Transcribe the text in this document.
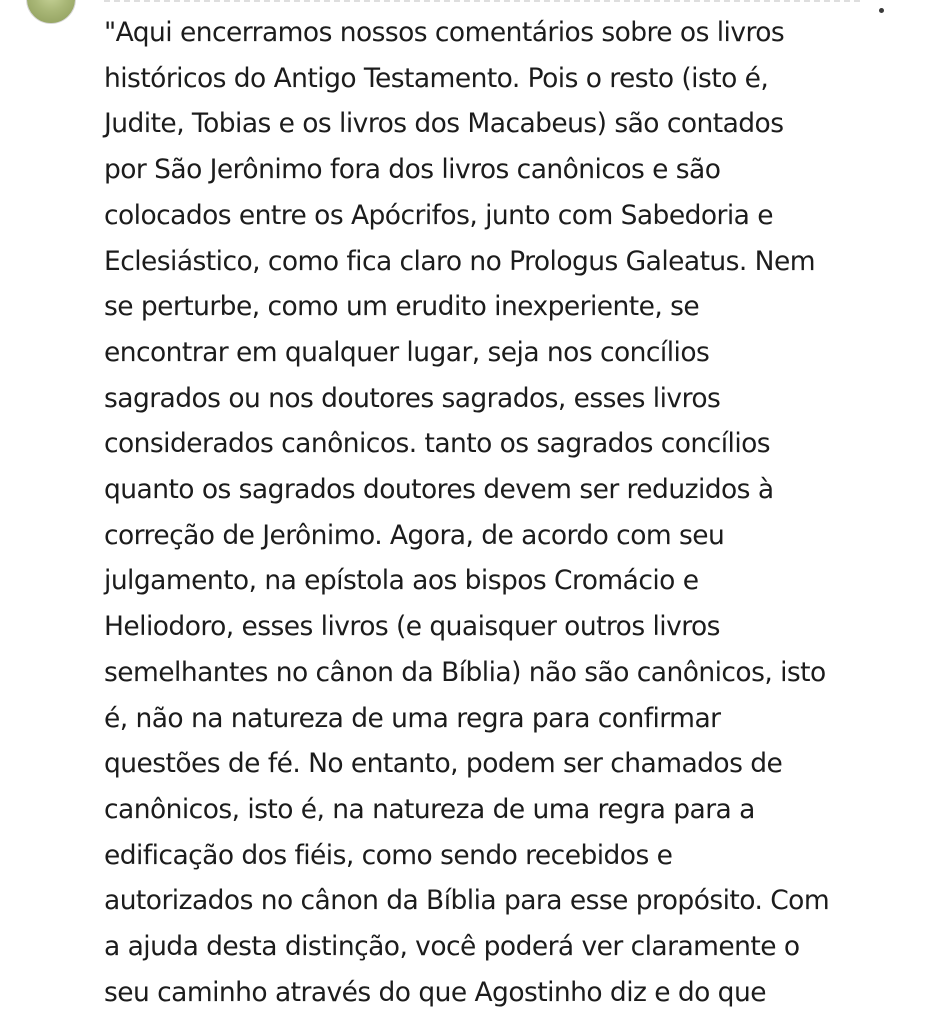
"Aqui encerramos nossos comentários sobre os livros
históricos do Antigo Testamento. Pois o resto (isto é,
Judite, Tobias e os livros dos Macabeus) são contados
por São Jerônimo fora dos livros canônicos e são
colocados entre os Apócrifos, junto com Sabedoria e
Eclesiástico, como fica claro no Prologus Galeatus. Nem
se perturbe, como um erudito inexperiente, se
encontrar em qualquer lugar, seja nos concílios
sagrados ou nos doutores sagrados, esses livros
considerados canônicos. tanto os sagrados concílios
quanto os sagrados doutores devem ser reduzidos à
correção de Jerônimo. Agora, de acordo com seu
julgamento, na epístola aos bispos Cromácio e
Heliodoro, esses livros (e quaisquer outros livros
semelhantes no cânon da Bíblia) não são canônicos, isto
é, não na natureza de uma regra para confirmar
questões de fé. No entanto, podem ser chamados de
canônicos, isto é, na natureza de uma regra para a
edificação dos fiéis, como sendo recebidos e
autorizados no cânon da Bíblia para esse propósito. Com
a ajuda desta distinção, você poderá ver claramente o
seu caminho através do que Agostinho diz e do que
